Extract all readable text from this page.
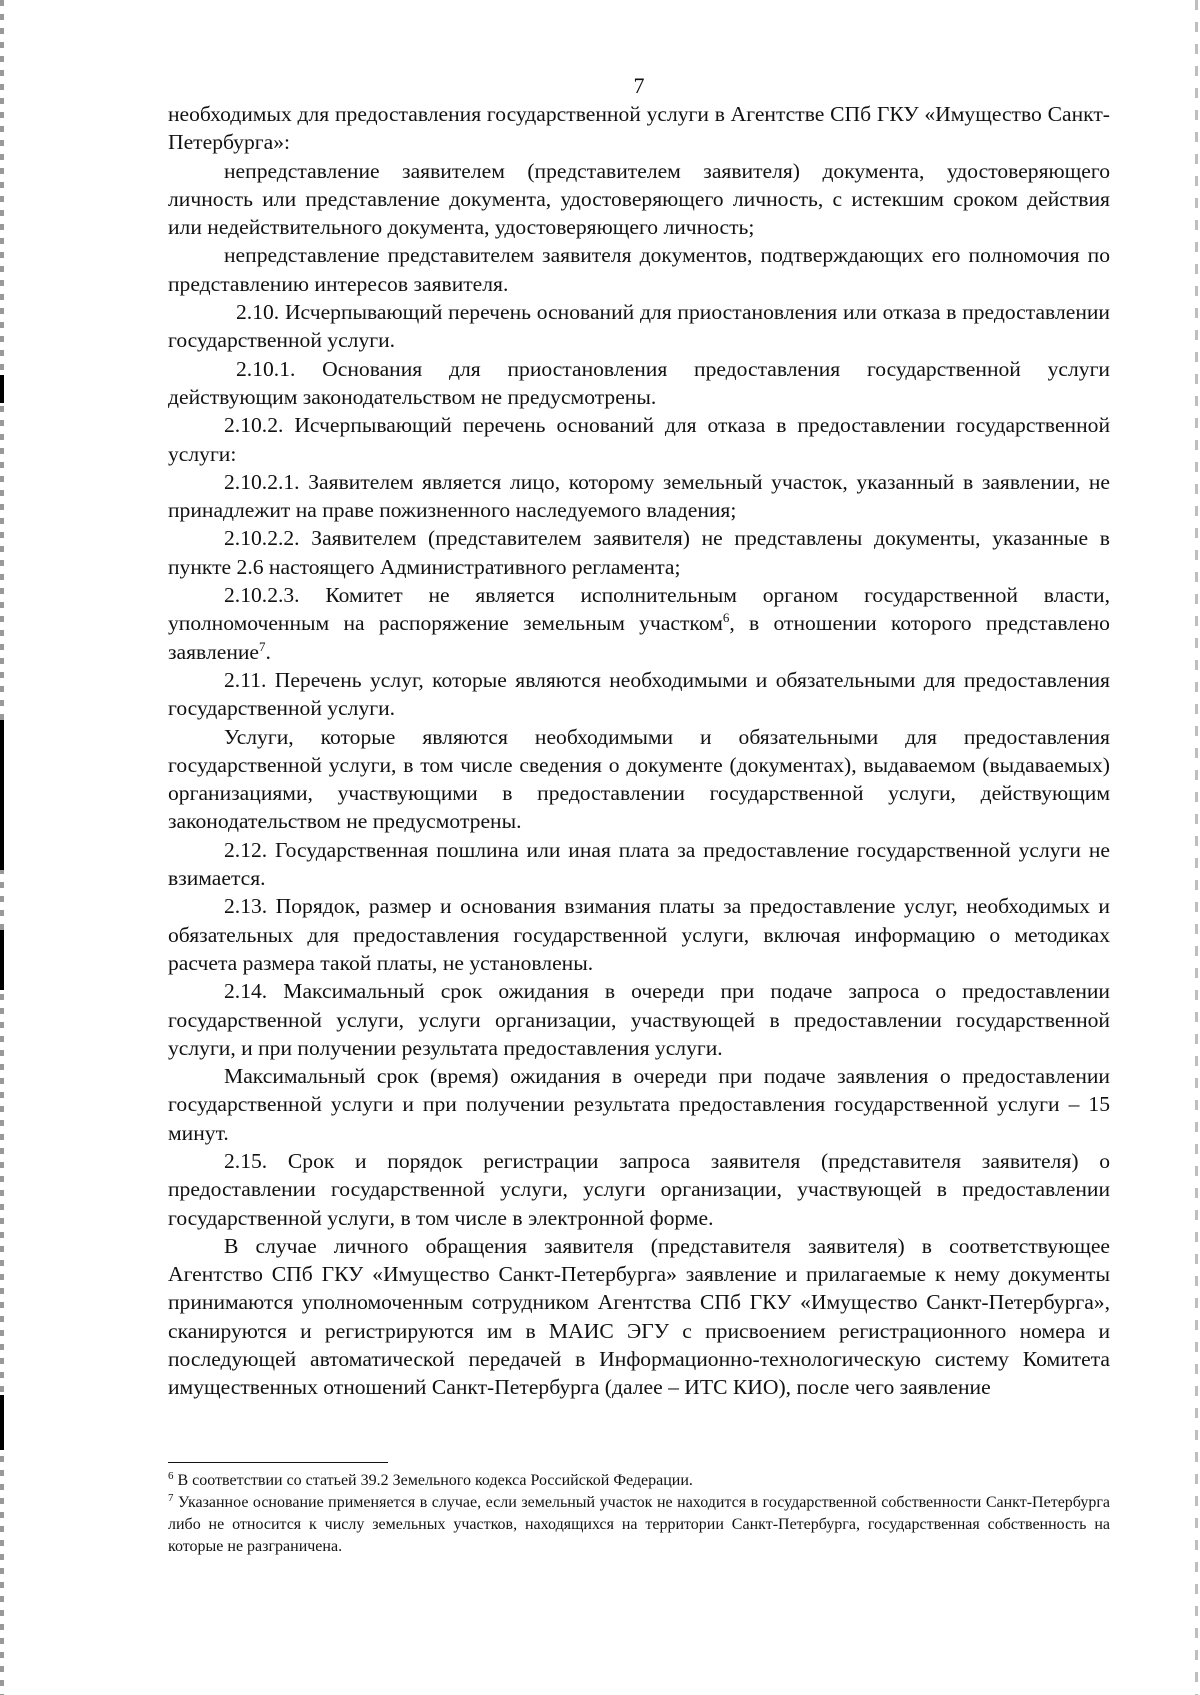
7

необходимых для предоставления государственной услуги в Агентстве СПб ГКУ «Имущество Санкт-Петербурга»:

непредставление заявителем (представителем заявителя) документа, удостоверяющего личность или представление документа, удостоверяющего личность, с истекшим сроком действия или недействительного документа, удостоверяющего личность;

непредставление представителем заявителя документов, подтверждающих его полномочия по представлению интересов заявителя.

2.10. Исчерпывающий перечень оснований для приостановления или отказа в предоставлении государственной услуги.

2.10.1. Основания для приостановления предоставления государственной услуги действующим законодательством не предусмотрены.

2.10.2. Исчерпывающий перечень оснований для отказа в предоставлении государственной услуги:

2.10.2.1. Заявителем является лицо, которому земельный участок, указанный в заявлении, не принадлежит на праве пожизненного наследуемого владения;

2.10.2.2. Заявителем (представителем заявителя) не представлены документы, указанные в пункте 2.6 настоящего Административного регламента;

2.10.2.3. Комитет не является исполнительным органом государственной власти, уполномоченным на распоряжение земельным участком$^6$, в отношении которого представлено заявление$^7$.

2.11. Перечень услуг, которые являются необходимыми и обязательными для предоставления государственной услуги.

Услуги, которые являются необходимыми и обязательными для предоставления государственной услуги, в том числе сведения о документе (документах), выдаваемом (выдаваемых) организациями, участвующими в предоставлении государственной услуги, действующим законодательством не предусмотрены.

2.12. Государственная пошлина или иная плата за предоставление государственной услуги не взимается.

2.13. Порядок, размер и основания взимания платы за предоставление услуг, необходимых и обязательных для предоставления государственной услуги, включая информацию о методиках расчета размера такой платы, не установлены.

2.14. Максимальный срок ожидания в очереди при подаче запроса о предоставлении государственной услуги, услуги организации, участвующей в предоставлении государственной услуги, и при получении результата предоставления услуги.

Максимальный срок (время) ожидания в очереди при подаче заявления о предоставлении государственной услуги и при получении результата предоставления государственной услуги – 15 минут.

2.15. Срок и порядок регистрации запроса заявителя (представителя заявителя) о предоставлении государственной услуги, услуги организации, участвующей в предоставлении государственной услуги, в том числе в электронной форме.

В случае личного обращения заявителя (представителя заявителя) в соответствующее Агентство СПб ГКУ «Имущество Санкт-Петербурга» заявление и прилагаемые к нему документы принимаются уполномоченным сотрудником Агентства СПб ГКУ «Имущество Санкт-Петербурга», сканируются и регистрируются им в МАИС ЭГУ с присвоением регистрационного номера и последующей автоматической передачей в Информационно-технологическую систему Комитета имущественных отношений Санкт-Петербурга (далее – ИТС КИО), после чего заявление

$^6$ В соответствии со статьей 39.2 Земельного кодекса Российской Федерации.

$^7$ Указанное основание применяется в случае, если земельный участок не находится в государственной собственности Санкт-Петербурга либо не относится к числу земельных участков, находящихся на территории Санкт-Петербурга, государственная собственность на которые не разграничена.
